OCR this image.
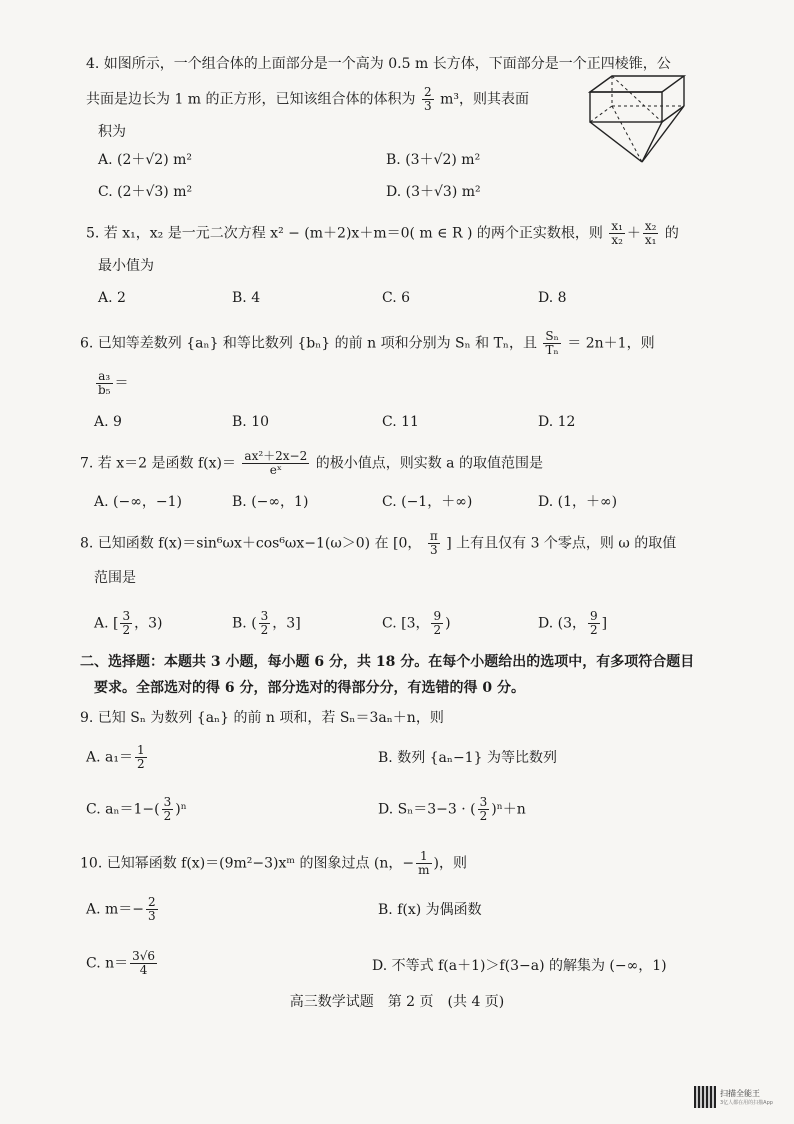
4. 如图所示，一个组合体的上面部分是一个高为 0.5 m 长方体，下面部分是一个正四棱锥，公
共面是边长为 1 m 的正方形，已知该组合体的体积为 $\frac{2}{3} m^3$，则其表面
积为
A. (2＋√2) m²	B. (3＋√2) m²
C. (2＋√3) m²	D. (3＋√3) m²
5. 若 x₁，x₂ 是一元二次方程 x² − (m＋2)x＋m＝0( m ∈ R ) 的两个正实数根，则 $\frac{\text{x₁}}{\text{x₂}} + \frac{\text{x₂}}{\text{x₁}}$ 的
最小值为
A. 2	B. 4	C. 6	D. 8
6. 已知等差数列 {aₙ} 和等比数列 {bₙ} 的前 n 项和分别为 Sₙ 和 Tₙ，且 $\frac{\text{Sₙ}}{\text{Tₙ}} = 2n+1$，则
$\frac{\text{a₃}}{\text{b₅}}$ ＝
A. 9	B. 10	C. 11	D. 12
7. 若 x＝2 是函数 $f(x)= \frac{\text{ax²＋2x−2}}{\text{eˣ}}$ 的极小值点，则实数 a 的取值范围是
A. (−∞，−1)	B. (−∞，1)	C. (−1，＋∞)	D. (1，＋∞)
8. 已知函数 f(x)＝sin⁶ωx＋cos⁶ωx−1(ω＞0) 在 [0， $\frac{\pi}{3}$ ] 上有且仅有 3 个零点，则 ω 的取值
范围是
A. [ $\frac{3}{2}$ ，3)	B. ( $\frac{3}{2}$ ，3]	C. [3， $\frac{9}{2}$ )	D. (3， $\frac{9}{2}$ ]
二、选择题：本题共 3 小题，每小题 6 分，共 18 分。在每个小题给出的选项中，有多项符合题目
要求。全部选对的得 6 分，部分选对的得部分分，有选错的得 0 分。
9. 已知 Sₙ 为数列 {aₙ} 的前 n 项和，若 Sₙ＝3aₙ＋n，则
A. $a_1= \frac{1}{2}$	B. 数列 {aₙ−1} 为等比数列
C. $a_n=1-( \frac{3}{2} )^n$	D. Sₙ＝3−3 · ( $\frac{3}{2} )^n+n$
10. 已知幂函数 f(x)＝(9m²−3)xᵐ 的图象过点 (n，− $\frac{1}{m}$ )，则
A. $m=- \frac{2}{3}$	B. f(x) 为偶函数
C. $n= \frac{3√6}{4}$	D. 不等式 f(a＋1)＞f(3−a) 的解集为 (−∞，1)
高三数学试题　第 2 页　(共 4 页)
扫描全能王
3亿人都在用的扫描App
